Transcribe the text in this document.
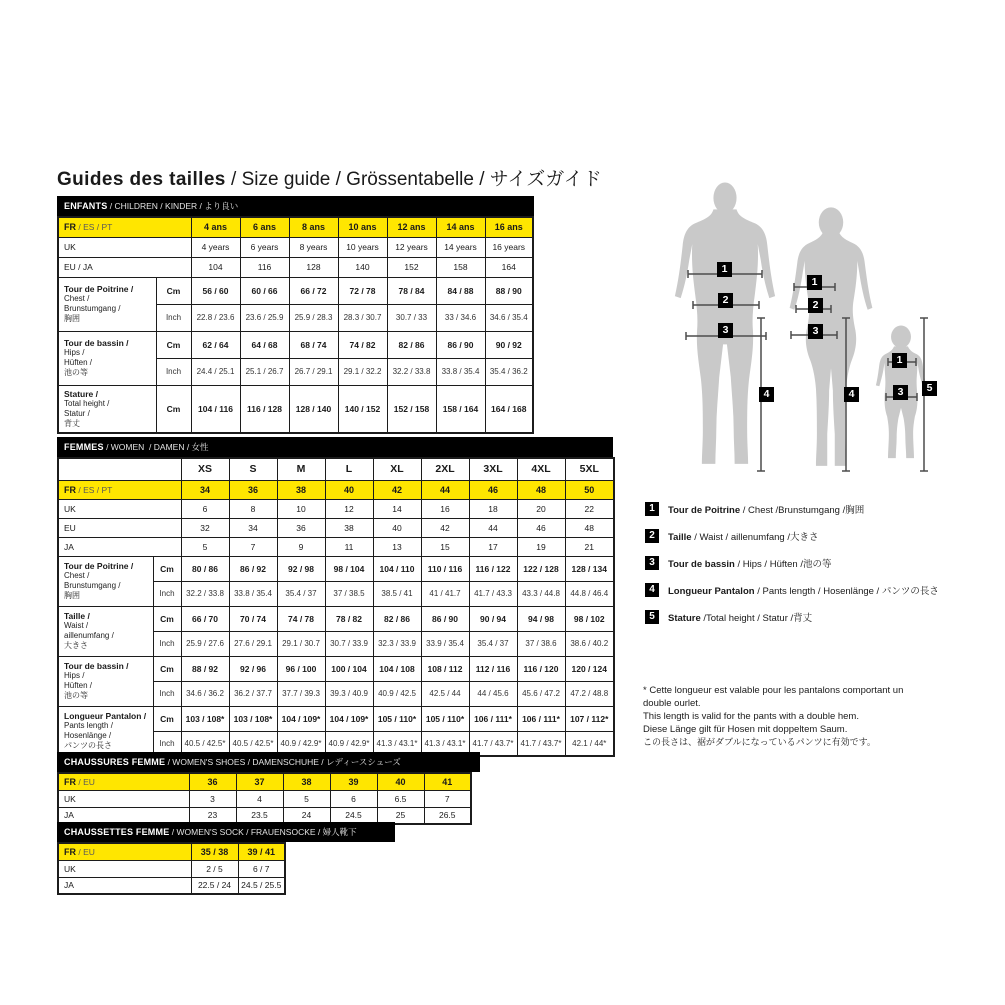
Guides des tailles / Size guide / Grössentabelle / サイズガイド
ENFANTS / CHILDREN / KINDER / より良い
FR / ES / PT		4 ans	6 ans	8 ans	10 ans	12 ans	14 ans	16 ans
UK		4 years	6 years	8 years	10 years	12 years	14 years	16 years
EU / JA		104	116	128	140	152	158	164

Tour de Poitrine /
Chest /
Brunstumgang /
胸囲	Cm	56 / 60	60 / 66	66 / 72	72 / 78	78 / 84	84 / 88	88 / 90
	Inch	22.8 / 23.6	23.6 / 25.9	25.9 / 28.3	28.3 / 30.7	30.7 / 33	33 / 34.6	34.6 / 35.4

Tour de bassin /
Hips /
Hüften /
池の等	Cm	62 / 64	64 / 68	68 / 74	74 / 82	82 / 86	86 / 90	90 / 92
	Inch	24.4 / 25.1	25.1 / 26.7	26.7 / 29.1	29.1 / 32.2	32.2 / 33.8	33.8 / 35.4	35.4 / 36.2

Stature /
Total height /
Statur /
背丈	Cm	104 / 116	116 / 128	128 / 140	140 / 152	152 / 158	158 / 164	164 / 168
FEMMES / WOMEN  / DAMEN / 女性
		XS	S	M	L	XL	2XL	3XL	4XL	5XL
FR / ES / PT		34	36	38	40	42	44	46	48	50
UK		6	8	10	12	14	16	18	20	22
EU		32	34	36	38	40	42	44	46	48
JA		5	7	9	11	13	15	17	19	21

Tour de Poitrine /
Chest /
Brunstumgang /
胸囲	Cm	80 / 86	86 / 92	92 / 98	98 / 104	104 / 110	110 / 116	116 / 122	122 / 128	128 / 134
	Inch	32.2 / 33.8	33.8 / 35.4	35.4 / 37	37 / 38.5	38.5 / 41	41 / 41.7	41.7 / 43.3	43.3 / 44.8	44.8 / 46.4

Taille /
Waist /
aillenumfang /
大きさ	Cm	66 / 70	70 / 74	74 / 78	78 / 82	82 / 86	86 / 90	90 / 94	94 / 98	98 / 102
	Inch	25.9 / 27.6	27.6 / 29.1	29.1 / 30.7	30.7 / 33.9	32.3 / 33.9	33.9 / 35.4	35.4 / 37	37 / 38.6	38.6 / 40.2

Tour de bassin /
Hips /
Hüften /
池の等	Cm	88 / 92	92 / 96	96 / 100	100 / 104	104 / 108	108 / 112	112 / 116	116 / 120	120 / 124
	Inch	34.6 / 36.2	36.2 / 37.7	37.7 / 39.3	39.3 / 40.9	40.9 / 42.5	42.5 / 44	44 / 45.6	45.6 / 47.2	47.2 / 48.8

Longueur Pantalon /
Pants length /
Hosenlänge /
パンツの長さ	Cm	103 / 108*	103 / 108*	104 / 109*	104 / 109*	105 / 110*	105 / 110*	106 / 111*	106 / 111*	107 / 112*
	Inch	40.5 / 42.5*	40.5 / 42.5*	40.9 / 42.9*	40.9 / 42.9*	41.3 / 43.1*	41.3 / 43.1*	41.7 / 43.7*	41.7 / 43.7*	42.1 / 44*
CHAUSSURES FEMME / WOMEN'S SHOES / DAMENSCHUHE / レディースシューズ
FR / EU	36	37	38	39	40	41
UK	3	4	5	6	6.5	7
JA	23	23.5	24	24.5	25	26.5
CHAUSSETTES FEMME / WOMEN'S SOCK / FRAUENSOCKE / 婦人靴下
FR / EU	35 / 38	39 / 41
UK	2 / 5	6 / 7
JA	22.5 / 24	24.5 / 25.5
1
2
3
4
1
2
3
4
1
3	5
1	Tour de Poitrine / Chest /Brunstumgang /胸囲
2	Taille / Waist / aillenumfang /大きさ
3	Tour de bassin / Hips / Hüften /池の等
4	Longueur Pantalon / Pants length / Hosenlänge / パンツの長さ
5	Stature /Total height / Statur /背丈
* Cette longueur est valable pour les pantalons comportant un
double ourlet.
This length is valid for the pants with a double hem.
Diese Länge gilt für Hosen mit doppeltem Saum.
この長さは、裾がダブルになっているパンツに有効です。
